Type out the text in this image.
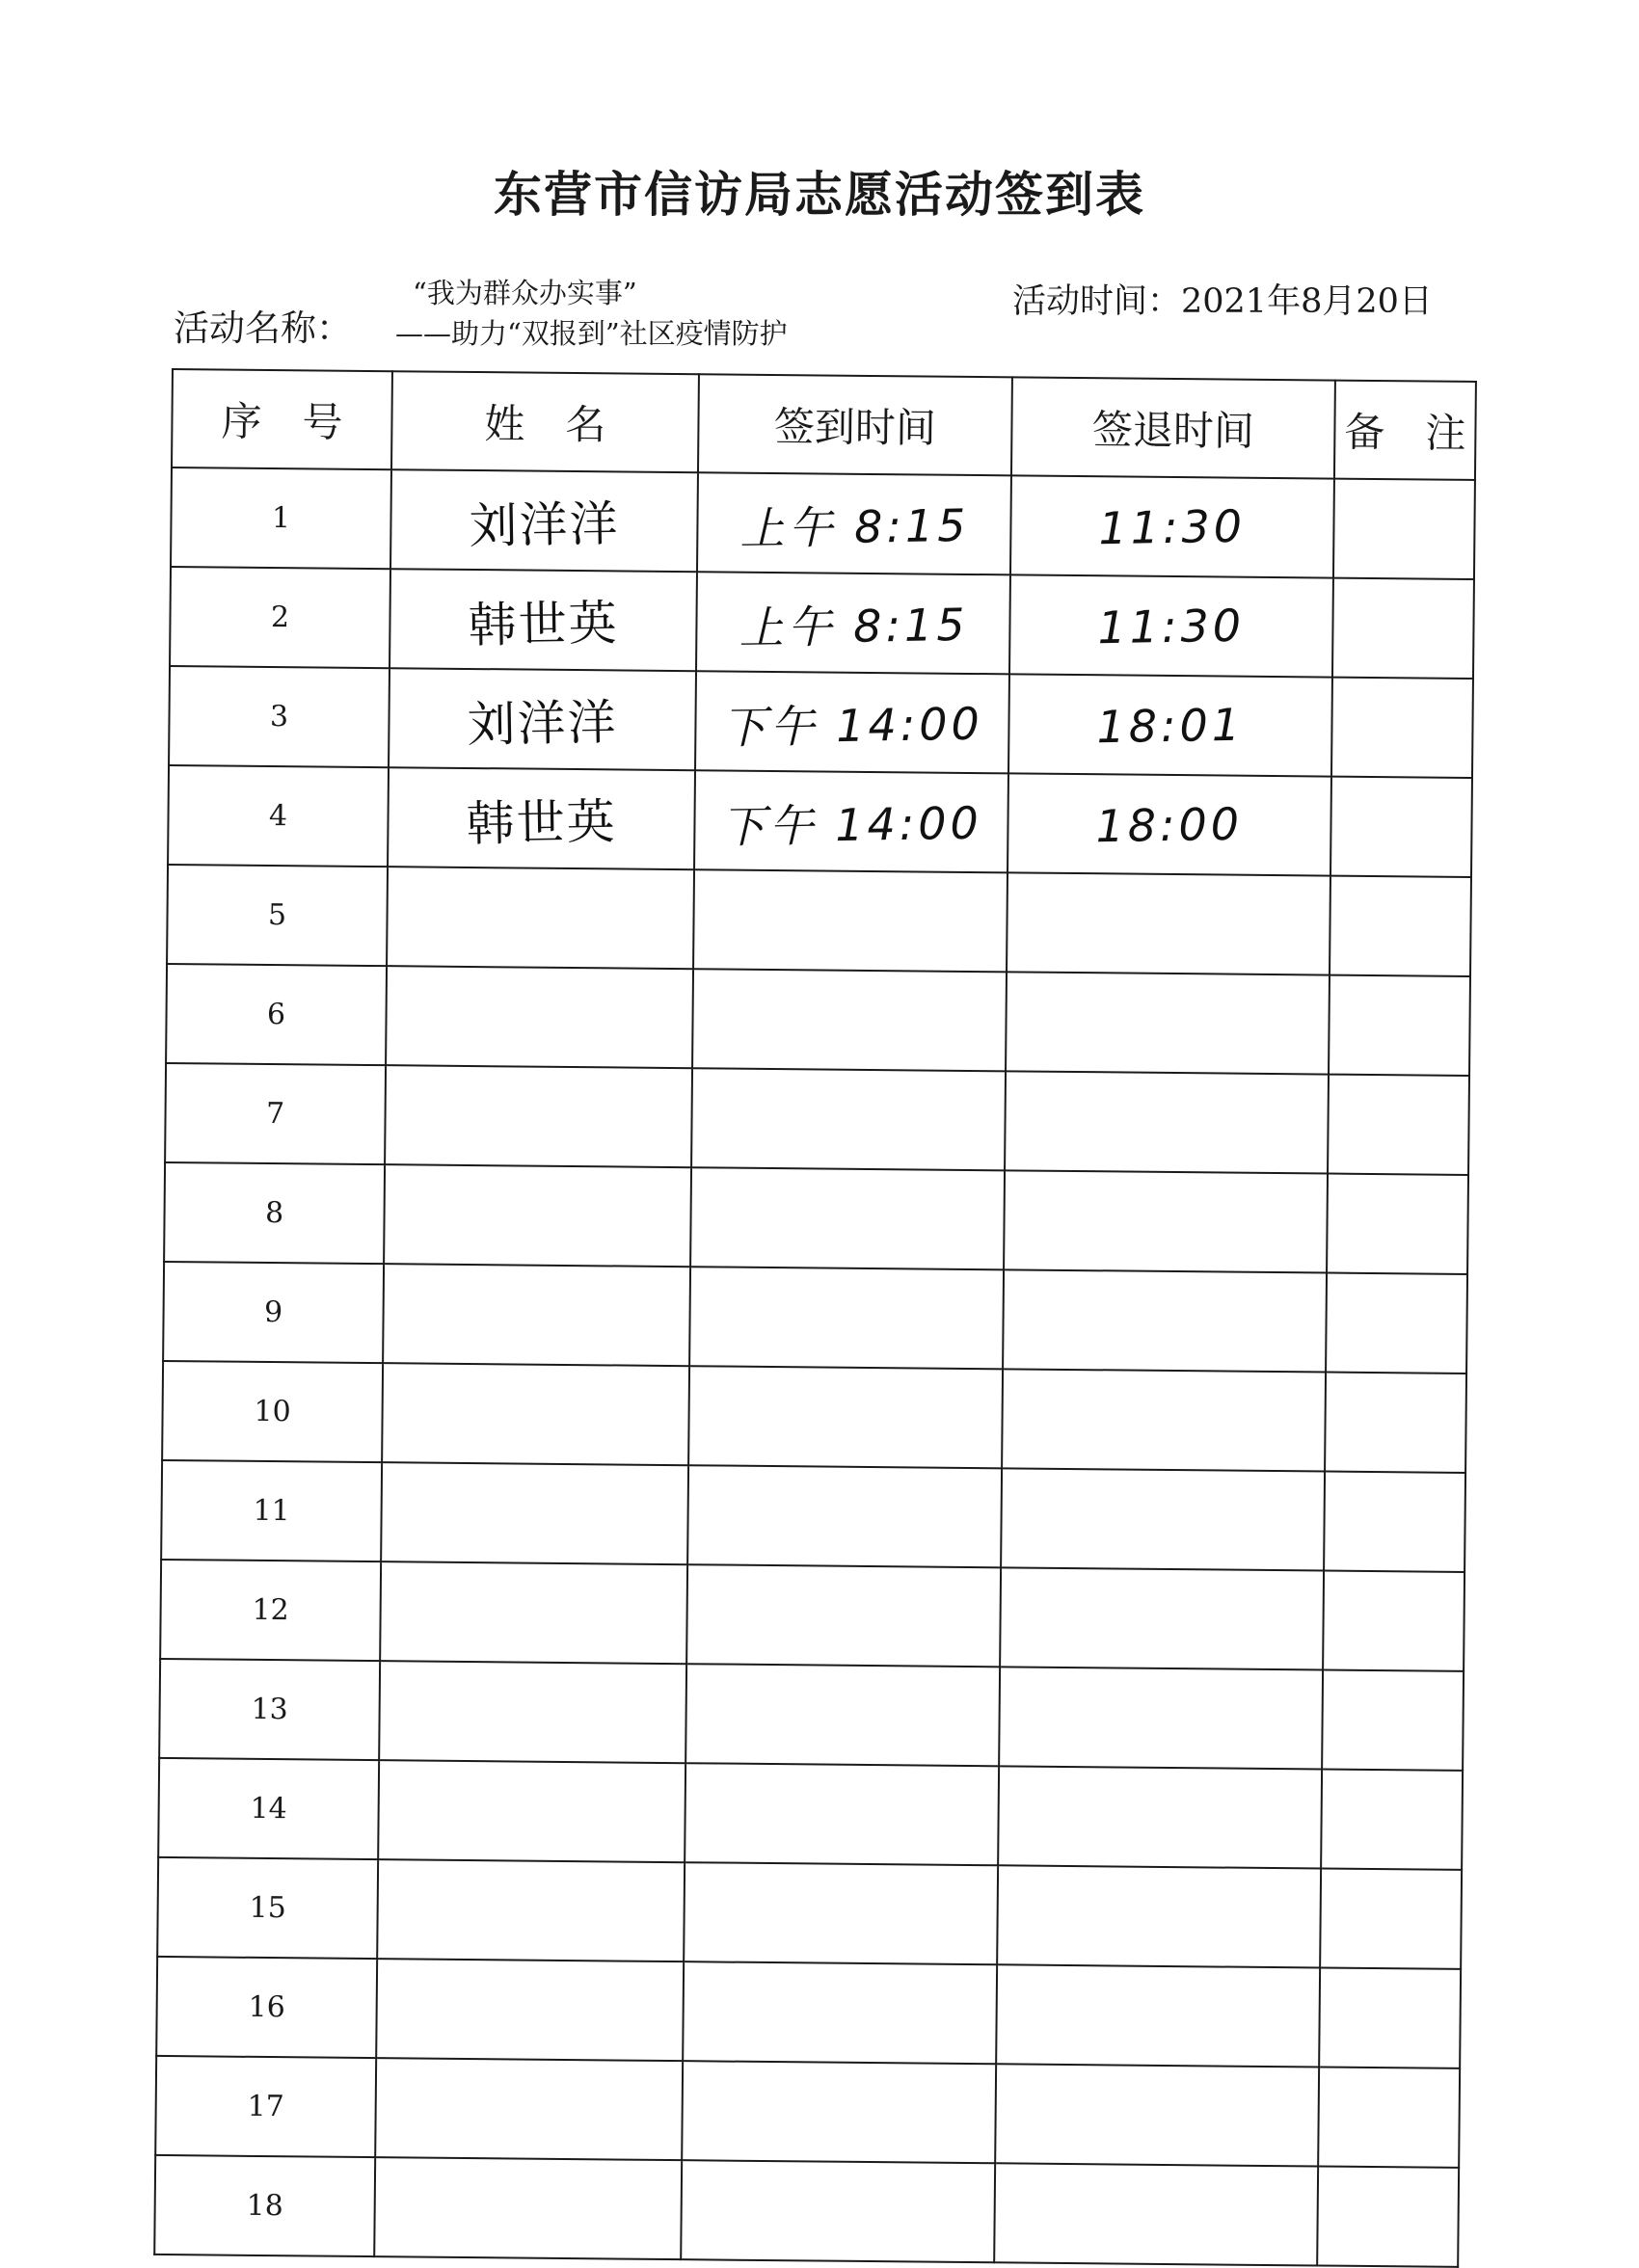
东营市信访局志愿活动签到表
活动名称：
“我为群众办实事”
——助力“双报到”社区疫情防护
活动时间：2021年8月20日
序　号	姓　名	签到时间	签退时间	备　注
1	刘洋洋	上午 8:15	11:30	
2	韩世英	上午 8:15	11:30	
3	刘洋洋	下午 14:00	18:01	
4	韩世英	下午 14:00	18:00	
5				
6				
7				
8				
9				
10				
11				
12				
13				
14				
15				
16				
17				
18				
